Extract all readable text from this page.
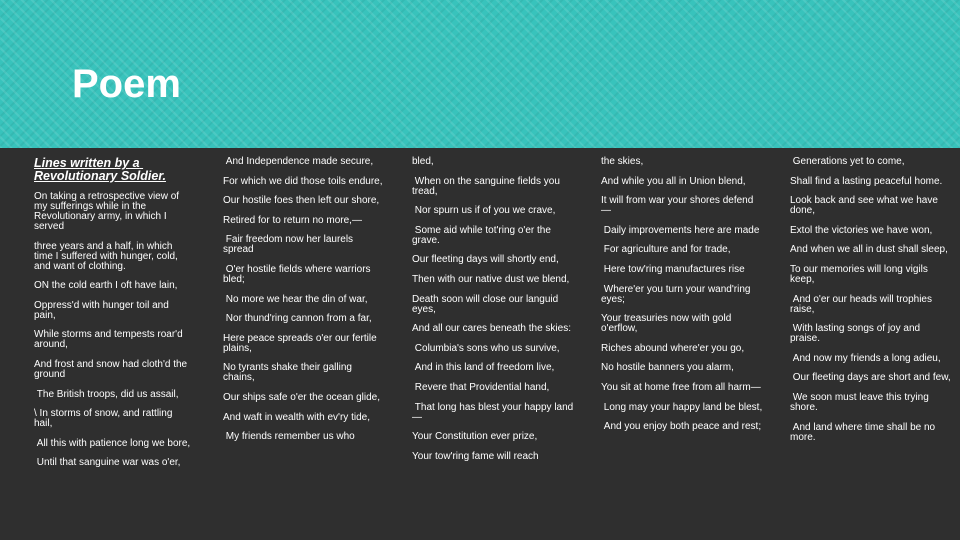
Poem
Lines written by a Revolutionary Soldier.
On taking a retrospective view of my sufferings while in the Revolutionary army, in which I served
three years and a half, in which time I suffered with hunger, cold, and want of clothing.
ON the cold earth I oft have lain,
Oppress'd with hunger toil and pain,
While storms and tempests roar'd around,
And frost and snow had cloth'd the ground
The British troops, did us assail,
\ In storms of snow, and rattling hail,
All this with patience long we bore,
Until that sanguine war was o'er,
And Independence made secure,
For which we did those toils endure,
Our hostile foes then left our shore,
Retired for to return no more,—
Fair freedom now her laurels spread
O'er hostile fields where warriors bled;
No more we hear the din of war,
Nor thund'ring cannon from a far,
Here peace spreads o'er our fertile plains,
No tyrants shake their galling chains,
Our ships safe o'er the ocean glide,
And waft in wealth with ev'ry tide,
My friends remember us who
bled,
When on the sanguine fields you tread,
Nor spurn us if of you we crave,
Some aid while tot'ring o'er the grave.
Our fleeting days will shortly end,
Then with our native dust we blend,
Death soon will close our languid eyes,
And all our cares beneath the skies:
Columbia's sons who us survive,
And in this land of freedom live,
Revere that Providential hand,
That long has blest your happy land—
Your Constitution ever prize,
Your tow'ring fame will reach
the skies,
And while you all in Union blend,
It will from war your shores defend—
Daily improvements here are made
For agriculture and for trade,
Here tow'ring manufactures rise
Where'er you turn your wand'ring eyes;
Your treasuries now with gold o'erflow,
Riches abound where'er you go,
No hostile banners you alarm,
You sit at home free from all harm—
Long may your happy land be blest,
And you enjoy both peace and rest;
Generations yet to come,
Shall find a lasting peaceful home.
Look back and see what we have done,
Extol the victories we have won,
And when we all in dust shall sleep,
To our memories will long vigils keep,
And o'er our heads will trophies raise,
With lasting songs of joy and praise.
And now my friends a long adieu,
Our fleeting days are short and few,
We soon must leave this trying shore.
And land where time shall be no more.
